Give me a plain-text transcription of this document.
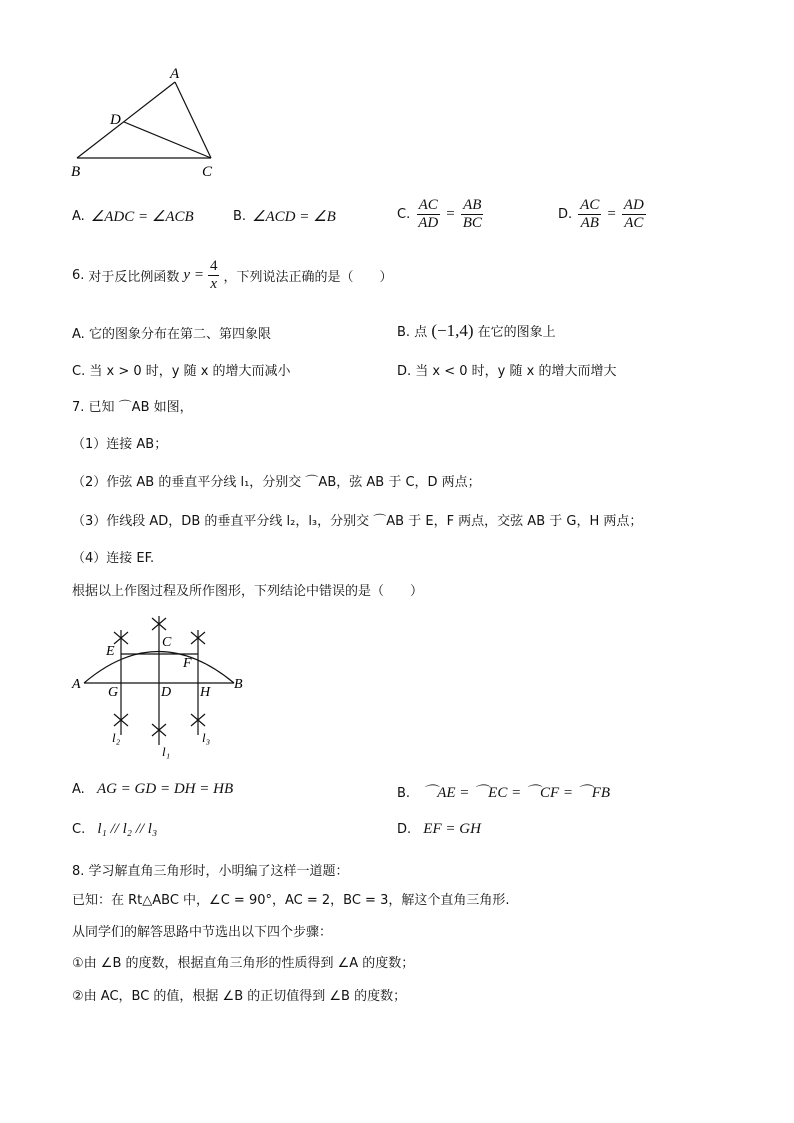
A
D
B	C
A. ∠ADC = ∠ACB	B. ∠ACD = ∠B	C. $\frac{AC}{AD} = \frac{AB}{BC}$	D. $\frac{AC}{AB} = \frac{AD}{AC}$
6. 对于反比例函数 $y = \frac{4}{x}$ ，下列说法正确的是（　　）
A. 它的图象分布在第二、第四象限	B. 点 (−1,4) 在它的图象上
C. 当 x > 0 时，y 随 x 的增大而减小	D. 当 x < 0 时，y 随 x 的增大而增大
7. 已知 ⌒AB 如图，
（1）连接 AB；
（2）作弦 AB 的垂直平分线 l₁，分别交 ⌒AB，弦 AB 于 C，D 两点；
（3）作线段 AD，DB 的垂直平分线 l₂，l₃，分别交 ⌒AB 于 E，F 两点，交弦 AB 于 G，H 两点；
（4）连接 EF.
根据以上作图过程及所作图形，下列结论中错误的是（　　）
A	B
C
D
E
F
G	H
l₂
l₁
l₃
A. AG = GD = DH = HB	B. ⌒AE = ⌒EC = ⌒CF = ⌒FB
C. l₁ // l₂ // l₃	D. EF = GH
8. 学习解直角三角形时，小明编了这样一道题：
已知：在 Rt△ABC 中，∠C = 90°，AC = 2，BC = 3，解这个直角三角形.
从同学们的解答思路中节选出以下四个步骤：
①由 ∠B 的度数，根据直角三角形的性质得到 ∠A 的度数；
②由 AC，BC 的值，根据 ∠B 的正切值得到 ∠B 的度数；
